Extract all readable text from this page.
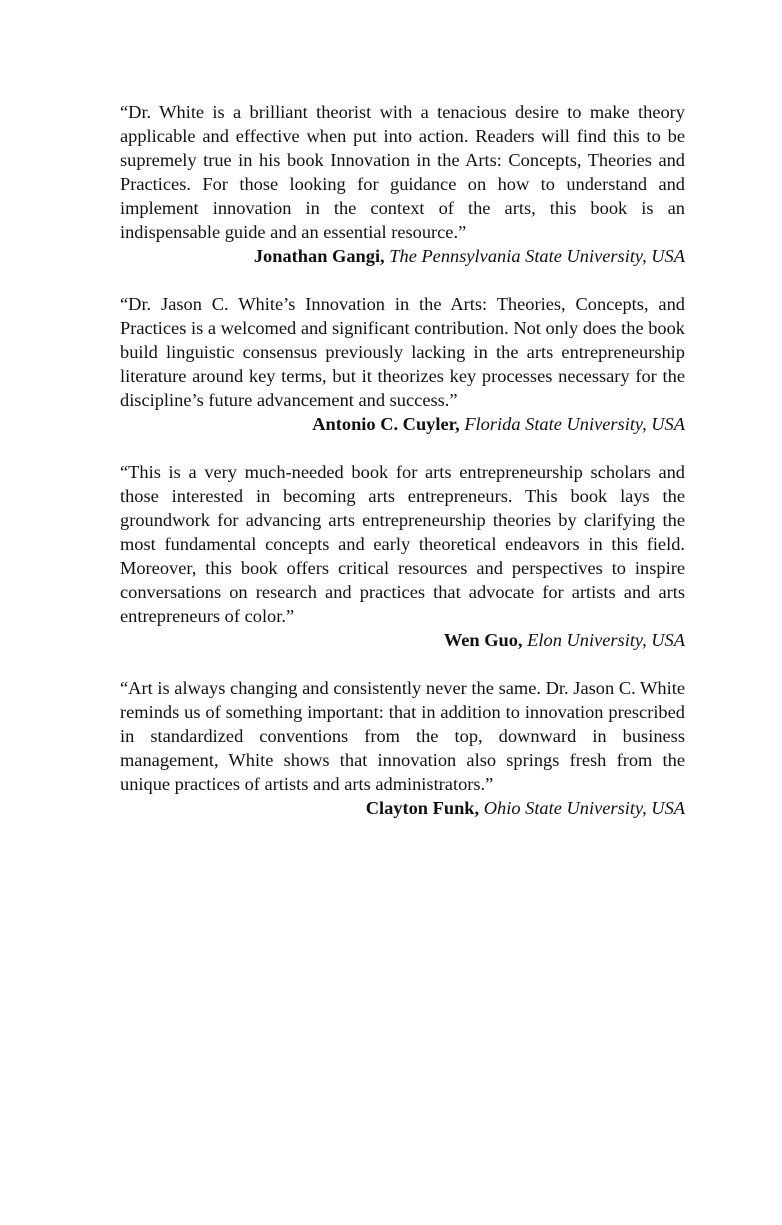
“Dr. White is a brilliant theorist with a tenacious desire to make theory applicable and effective when put into action. Readers will find this to be supremely true in his book Innovation in the Arts: Concepts, Theories and Practices. For those looking for guidance on how to understand and implement innovation in the context of the arts, this book is an indispensable guide and an essential resource.”

Jonathan Gangi, The Pennsylvania State University, USA

“Dr. Jason C. White’s Innovation in the Arts: Theories, Concepts, and Practices is a welcomed and significant contribution. Not only does the book build linguistic consensus previously lacking in the arts entrepreneurship literature around key terms, but it theorizes key processes necessary for the discipline’s future advancement and success.”

Antonio C. Cuyler, Florida State University, USA

“This is a very much-needed book for arts entrepreneurship scholars and those interested in becoming arts entrepreneurs. This book lays the groundwork for advancing arts entrepreneurship theories by clarifying the most fundamental concepts and early theoretical endeavors in this field. Moreover, this book offers critical resources and perspectives to inspire conversations on research and practices that advocate for artists and arts entrepreneurs of color.”

Wen Guo, Elon University, USA

“Art is always changing and consistently never the same. Dr. Jason C. White reminds us of something important: that in addition to innovation prescribed in standardized conventions from the top, downward in business management, White shows that innovation also springs fresh from the unique practices of artists and arts administrators.”

Clayton Funk, Ohio State University, USA
